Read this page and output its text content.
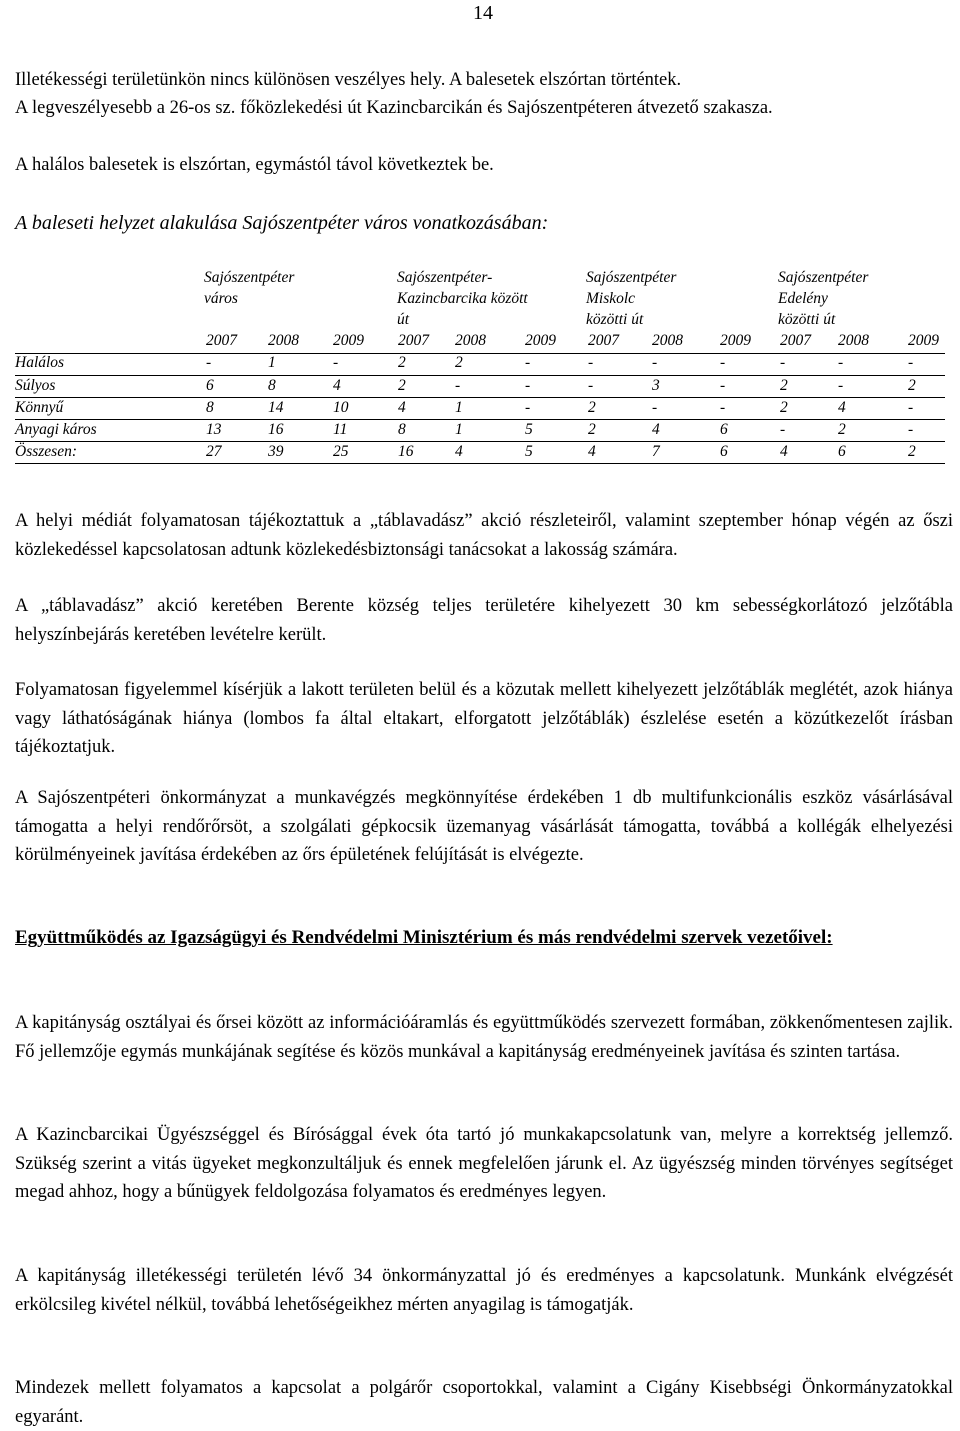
14

Illetékességi területünkön nincs különösen veszélyes hely. A balesetek elszórtan történtek.

A legveszélyesebb a 26-os sz. főközlekedési út Kazincbarcikán és Sajószentpéteren átvezető szakasza.

A halálos balesetek is elszórtan, egymástól távol következtek be.

A baleseti helyzet alakulása Sajószentpéter város vonatkozásában:
Sajószentpéter város
Sajószentpéter-
Kazincbarcika között
út
Sajószentpéter
Miskolc közötti út
Sajószentpéter
Edelény közötti út
2007 2008 2009 2007 2008	2009 2007 2008 2009 2007 2008	2009
Halálos	-	1	-	2	2	-	-	-	-	-	-	-
Súlyos	6	8	4	2	-	-	-	3	-	2	-	2
Könnyű	8	14	10	4	1	-	2	-	-	2	4	-
Anyagi káros	13	16	11	8	1	5	2	4	6	-	2	-
Összesen:	27	39	25	16	4	5	4	7	6	4	6	2

A helyi médiát folyamatosan tájékoztattuk a „táblavadász” akció részleteiről, valamint szeptember hónap végén az őszi közlekedéssel kapcsolatosan adtunk közlekedésbiztonsági tanácsokat a lakosság számára.

A „táblavadász” akció keretében Berente község teljes területére kihelyezett 30 km sebességkorlátozó jelzőtábla helyszínbejárás keretében levételre került.

Folyamatosan figyelemmel kísérjük a lakott területen belül és a közutak mellett kihelyezett jelzőtáblák meglétét, azok hiánya vagy láthatóságának hiánya (lombos fa által eltakart, elforgatott jelzőtáblák) észlelése esetén a közútkezelőt írásban tájékoztatjuk.

A Sajószentpéteri önkormányzat a munkavégzés megkönnyítése érdekében 1 db multifunkcionális eszköz vásárlásával támogatta a helyi rendőrőrsöt, a szolgálati gépkocsik üzemanyag vásárlását támogatta, továbbá a kollégák elhelyezési körülményeinek javítása érdekében az őrs épületének felújítását is elvégezte.

Együttműködés az Igazságügyi és Rendvédelmi Minisztérium és más rendvédelmi szervek vezetőivel:

A kapitányság osztályai és őrsei között az információáramlás és együttműködés szervezett formában, zökkenőmentesen zajlik. Fő jellemzője egymás munkájának segítése és közös munkával a kapitányság eredményeinek javítása és szinten tartása.

A Kazincbarcikai Ügyészséggel és Bírósággal évek óta tartó jó munkakapcsolatunk van, melyre a korrektség jellemző. Szükség szerint a vitás ügyeket megkonzultáljuk és ennek megfelelően járunk el. Az ügyészség minden törvényes segítséget megad ahhoz, hogy a bűnügyek feldolgozása folyamatos és eredményes legyen.

A kapitányság illetékességi területén lévő 34 önkormányzattal jó és eredményes a kapcsolatunk. Munkánk elvégzését erkölcsileg kivétel nélkül, továbbá lehetőségeikhez mérten anyagilag is támogatják.

Mindezek mellett folyamatos a kapcsolat a polgárőr csoportokkal, valamint a Cigány Kisebbségi Önkormányzatokkal egyaránt.
